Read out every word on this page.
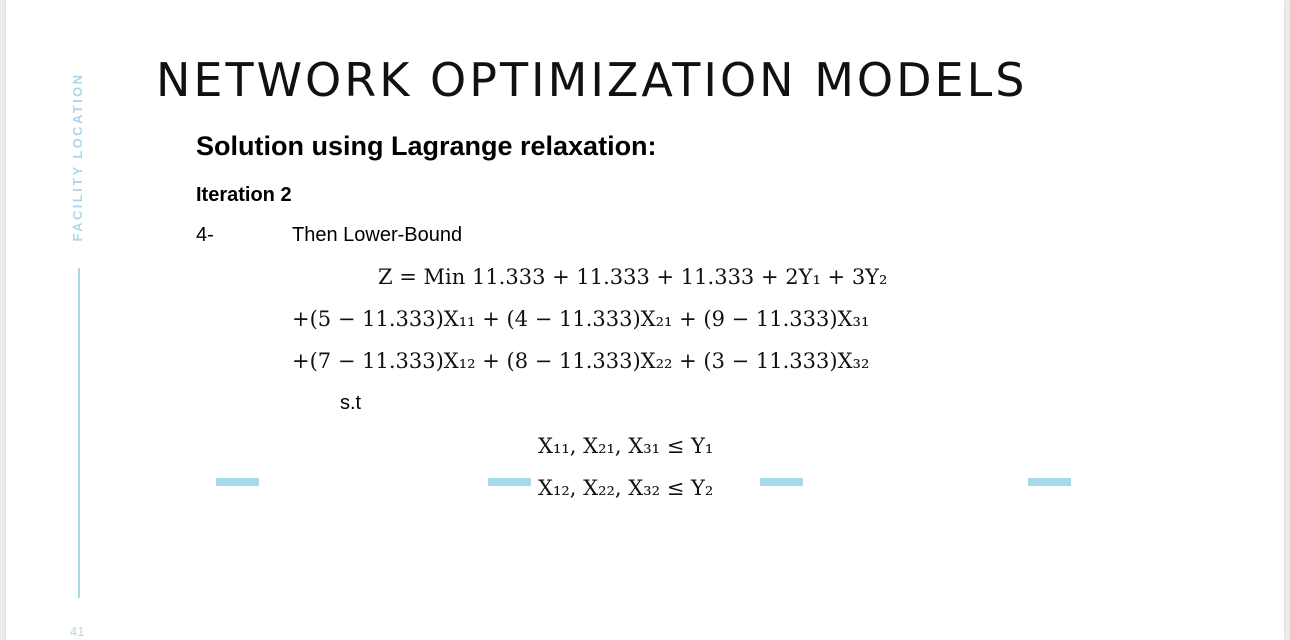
FACILITY LOCATION
41
NETWORK OPTIMIZATION MODELS
Solution using Lagrange relaxation:
Iteration 2
4-	Then Lower-Bound
Z = Min 11.333 + 11.333 + 11.333 + 2Y₁ + 3Y₂
+(5 − 11.333)X₁₁ + (4 − 11.333)X₂₁ + (9 − 11.333)X₃₁
+(7 − 11.333)X₁₂ + (8 − 11.333)X₂₂ + (3 − 11.333)X₃₂
s.t
X₁₁, X₂₁, X₃₁ ≤ Y₁
X₁₂, X₂₂, X₃₂ ≤ Y₂
